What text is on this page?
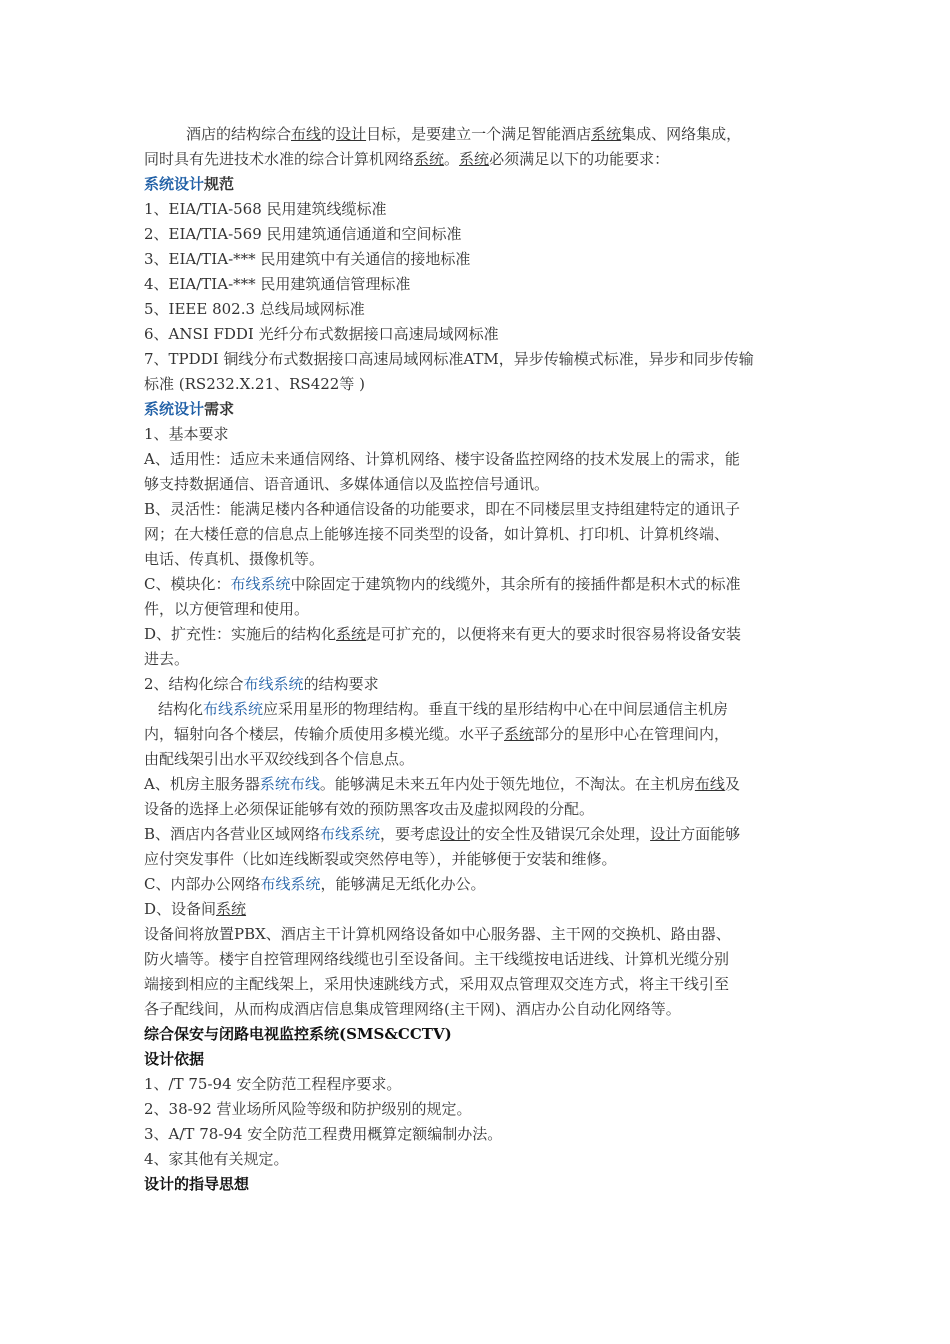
酒店的结构综合布线的设计目标，是要建立一个满足智能酒店系统集成、网络集成，
同时具有先进技术水准的综合计算机网络系统。系统必须满足以下的功能要求：
系统设计规范
1、EIA/TIA-568 民用建筑线缆标准
2、EIA/TIA-569 民用建筑通信通道和空间标准
3、EIA/TIA-*** 民用建筑中有关通信的接地标准
4、EIA/TIA-*** 民用建筑通信管理标准
5、IEEE 802.3 总线局域网标准
6、ANSI FDDI 光纤分布式数据接口高速局域网标准
7、TPDDI 铜线分布式数据接口高速局域网标准ATM，异步传输模式标准，异步和同步传输
标准 (RS232.X.21、RS422等 )
系统设计需求
1、基本要求
A、适用性：适应未来通信网络、计算机网络、楼宇设备监控网络的技术发展上的需求，能
够支持数据通信、语音通讯、多媒体通信以及监控信号通讯。
B、灵活性：能满足楼内各种通信设备的功能要求，即在不同楼层里支持组建特定的通讯子
网；在大楼任意的信息点上能够连接不同类型的设备，如计算机、打印机、计算机终端、
电话、传真机、摄像机等。
C、模块化：布线系统中除固定于建筑物内的线缆外，其余所有的接插件都是积木式的标准
件，以方便管理和使用。
D、扩充性：实施后的结构化系统是可扩充的，以便将来有更大的要求时很容易将设备安装
进去。
2、结构化综合布线系统的结构要求
结构化布线系统应采用星形的物理结构。垂直干线的星形结构中心在中间层通信主机房
内，辐射向各个楼层，传输介质使用多模光缆。水平子系统部分的星形中心在管理间内，
由配线架引出水平双绞线到各个信息点。
A、机房主服务器系统布线。能够满足未来五年内处于领先地位，不淘汰。在主机房布线及
设备的选择上必须保证能够有效的预防黑客攻击及虚拟网段的分配。
B、酒店内各营业区域网络布线系统，要考虑设计的安全性及错误冗余处理，设计方面能够
应付突发事件（比如连线断裂或突然停电等），并能够便于安装和维修。
C、内部办公网络布线系统，能够满足无纸化办公。
D、设备间系统
设备间将放置PBX、酒店主干计算机网络设备如中心服务器、主干网的交换机、路由器、
防火墙等。楼宇自控管理网络线缆也引至设备间。主干线缆按电话进线、计算机光缆分别
端接到相应的主配线架上，采用快速跳线方式，采用双点管理双交连方式，将主干线引至
各子配线间，从而构成酒店信息集成管理网络(主干网)、酒店办公自动化网络等。
综合保安与闭路电视监控系统(SMS&CCTV)
设计依据
1、/T 75-94 安全防范工程程序要求。
2、38-92 营业场所风险等级和防护级别的规定。
3、A/T 78-94 安全防范工程费用概算定额编制办法。
4、家其他有关规定。
设计的指导思想
